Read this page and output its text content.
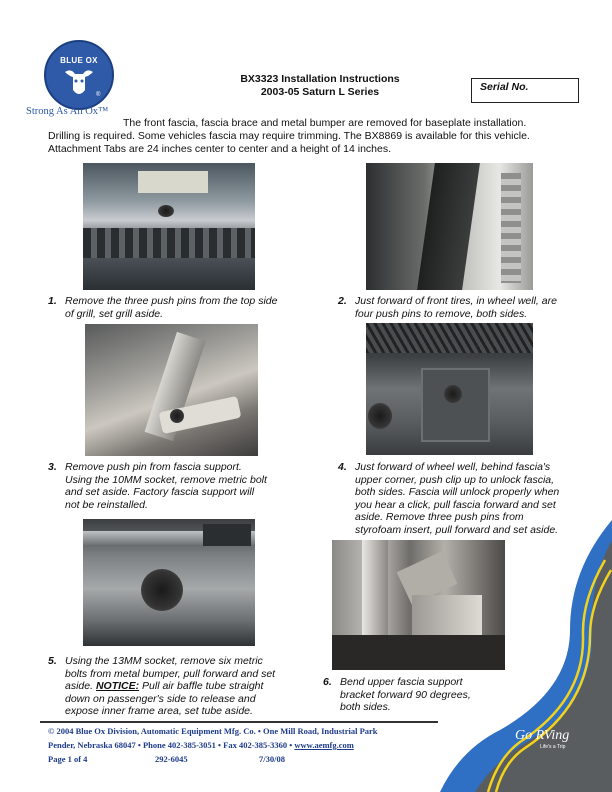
BLUE OX
®
Strong As An Ox™
BX3323 Installation Instructions
2003-05 Saturn L Series	Serial No.
The front fascia, fascia brace and metal bumper are removed for baseplate installation.
Drilling is required. Some vehicles fascia may require trimming. The BX8869 is available for this vehicle.
Attachment Tabs are 24 inches center to center and a height of 14 inches.
1. Remove the three push pins from the top side
of grill, set grill aside.
2. Just forward of front tires, in wheel well, are
four push pins to remove, both sides.
3. Remove push pin from fascia support.
Using the 10MM socket, remove metric bolt
and set aside. Factory fascia support will
not be reinstalled.
4. Just forward of wheel well, behind fascia's
upper corner, push clip up to unlock fascia,
both sides. Fascia will unlock properly when
you hear a click, pull fascia forward and set
aside. Remove three push pins from
styrofoam insert, pull forward and set aside.
5. Using the 13MM socket, remove six metric
bolts from metal bumper, pull forward and set
aside. NOTICE: Pull air baffle tube straight
down on passenger's side to release and
expose inner frame area, set tube aside.
6. Bend upper fascia support
bracket forward 90 degrees,
both sides.
Go RVing
Life's a Trip
© 2004 Blue Ox Division, Automatic Equipment Mfg. Co. • One Mill Road, Industrial Park
Pender, Nebraska 68047 • Phone 402-385-3051 • Fax 402-385-3360 • www.aemfg.com
Page 1 of 4	292-6045	7/30/08
